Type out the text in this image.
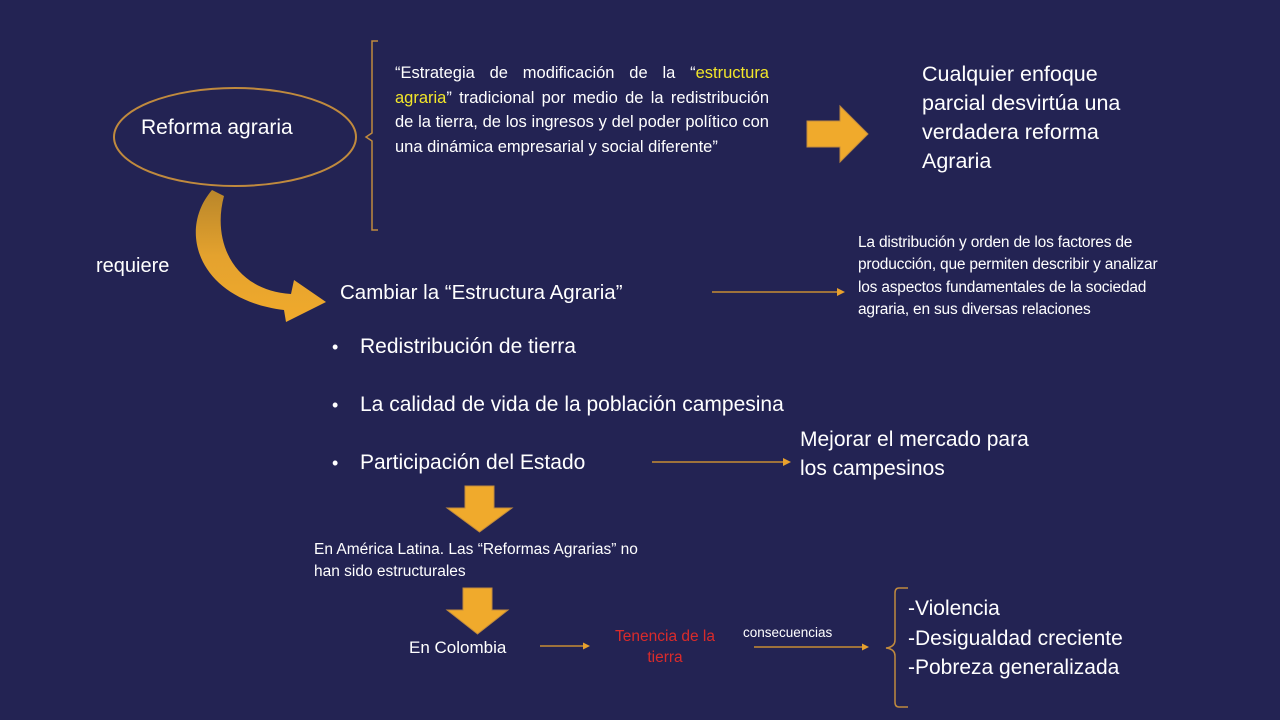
Reforma agraria
“Estrategia de modificación de la “estructura agraria” tradicional por medio de la redistribución de la tierra, de los ingresos y del poder político con una dinámica empresarial y social diferente”
Cualquier enfoque parcial desvirtúa una verdadera reforma Agraria
requiere
Cambiar la “Estructura Agraria”
La distribución y orden de los factores de producción, que permiten describir y analizar los aspectos fundamentales de la sociedad agraria, en sus diversas relaciones
• Redistribución de tierra
• La calidad de vida de la población campesina
• Participación del Estado
Mejorar el mercado para los campesinos
En América Latina. Las “Reformas Agrarias” no han sido estructurales
En Colombia
Tenencia de la tierra
consecuencias
-Violencia
-Desigualdad creciente
-Pobreza generalizada
